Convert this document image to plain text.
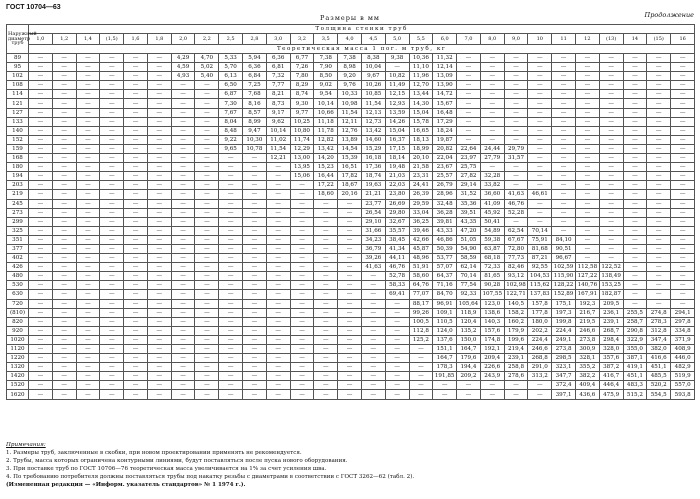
ГОСТ 10704—63
Продолжение
Размеры в мм
Наружный диаметр труб	Толщина стенки труб																											
	1,0	1,2	1,4	(1,5)	1,6	1,8	2,0	2,2	2,5	2,8	3,0	3,2	3,5	4,0	4,5	5,0	5,5	6,0	7,0	8,0	9,0	10	11	12	(13)	14	(15)	16
	Теоретическая масса 1 пог. м труб, кг																											
89	—	—	—	—	—	—	4,29	4,70	5,33	5,94	6,36	6,77	7,38	7,38	8,38	9,38	10,36	11,32	—	—	—	—	—	—	—	—	—	—
95	—	—	—	—	—	—	4,59	5,02	5,70	6,36	6,81	7,26	7,90	8,98	10,04	—	11,10	12,14	—	—	—	—	—	—	—	—	—	—
102	—	—	—	—	—	—	4,93	5,40	6,13	6,84	7,32	7,80	8,50	9,20	9,67	10,82	11,96	13,09	—	—	—	—	—	—	—	—	—	—
108	—	—	—	—	—	—	—	—	6,50	7,25	7,77	8,29	9,02	9,76	10,26	11,49	12,70	13,90	—	—	—	—	—	—	—	—	—	—
114	—	—	—	—	—	—	—	—	6,87	7,68	8,21	8,74	9,54	10,33	10,85	12,15	13,44	14,72	—	—	—	—	—	—	—	—	—	—
121	—	—	—	—	—	—	—	—	7,30	8,16	8,73	9,30	10,14	10,98	11,54	12,93	14,30	15,67	—	—	—	—	—	—	—	—	—	—
127	—	—	—	—	—	—	—	—	7,67	8,57	9,17	9,77	10,66	11,54	12,13	13,59	15,04	16,48	—	—	—	—	—	—	—	—	—	—
133	—	—	—	—	—	—	—	—	8,04	8,99	9,62	10,25	11,18	12,11	12,73	14,26	15,78	17,29	—	—	—	—	—	—	—	—	—	—
140	—	—	—	—	—	—	—	—	8,48	9,47	10,14	10,80	11,78	12,76	13,42	15,04	16,65	18,24	—	—	—	—	—	—	—	—	—	—
152	—	—	—	—	—	—	—	—	9,22	10,30	11,02	11,74	12,82	13,89	14,60	16,37	18,13	19,87	—	—	—	—	—	—	—	—	—	—
159	—	—	—	—	—	—	—	—	9,65	10,78	11,54	12,29	13,42	14,54	15,29	17,15	18,99	20,82	22,64	24,44	29,79	—	—	—	—	—	—	—
168	—	—	—	—	—	—	—	—	—	—	12,21	13,00	14,20	15,39	16,18	18,14	20,10	22,04	23,97	27,79	31,57	—	—	—	—	—	—	—
180	—	—	—	—	—	—	—	—	—	—	—	13,95	15,23	16,51	17,36	19,48	21,58	23,67	25,75	—	—	—	—	—	—	—	—	—
194	—	—	—	—	—	—	—	—	—	—	—	15,06	16,44	17,82	18,74	21,03	23,31	25,57	27,82	32,28	—	—	—	—	—	—	—	—
203	—	—	—	—	—	—	—	—	—	—	—	—	17,22	18,67	19,63	22,03	24,41	26,79	29,14	33,82	—	—	—	—	—	—	—	—
219	—	—	—	—	—	—	—	—	—	—	—	—	18,60	20,16	21,21	23,80	26,39	28,96	31,52	36,60	41,63	46,61	—	—	—	—	—	—
245	—	—	—	—	—	—	—	—	—	—	—	—	—	—	23,77	26,69	29,59	32,48	35,36	41,09	46,76	—	—	—	—	—	—	—
273	—	—	—	—	—	—	—	—	—	—	—	—	—	—	26,54	29,80	33,04	36,28	39,51	45,92	52,28	—	—	—	—	—	—	—
299	—	—	—	—	—	—	—	—	—	—	—	—	—	—	29,10	32,67	36,25	39,81	43,35	50,41	—	—	—	—	—	—	—	—
325	—	—	—	—	—	—	—	—	—	—	—	—	—	—	31,66	35,57	39,46	43,33	47,20	54,89	62,54	70,14	—	—	—	—	—	—
351	—	—	—	—	—	—	—	—	—	—	—	—	—	—	34,23	38,45	42,66	46,86	51,05	59,38	67,67	75,91	84,10	—	—	—	—	—
377	—	—	—	—	—	—	—	—	—	—	—	—	—	—	36,79	41,34	45,87	50,39	54,90	63,87	72,80	81,68	90,51	—	—	—	—	—
402	—	—	—	—	—	—	—	—	—	—	—	—	—	—	39,26	44,11	48,96	53,77	58,59	68,18	77,73	87,21	96,67	—	—	—	—	—
426	—	—	—	—	—	—	—	—	—	—	—	—	—	—	41,63	46,76	51,91	57,07	62,14	72,33	82,46	92,55	102,59	112,58	122,52	—	—	—
480	—	—	—	—	—	—	—	—	—	—	—	—	—	—	—	52,78	58,60	64,37	70,14	81,65	93,12	104,53	115,90	127,22	138,49	—	—	—
530	—	—	—	—	—	—	—	—	—	—	—	—	—	—	—	58,33	64,76	71,16	77,54	90,28	102,98	115,62	128,22	140,76	153,25	—	—	—
630	—	—	—	—	—	—	—	—	—	—	—	—	—	—	—	69,41	77,07	84,70	92,33	107,55	122,71	137,83	152,89	167,91	182,87	—	—	—
720	—	—	—	—	—	—	—	—	—	—	—	—	—	—	—	—	88,17	96,91	105,64	123,0	140,5	157,8	175,1	192,3	209,5	—	—	—
(810)	—	—	—	—	—	—	—	—	—	—	—	—	—	—	—	—	99,26	109,1	118,9	138,6	158,2	177,8	197,3	216,7	236,1	255,5	274,8	294,1
820	—	—	—	—	—	—	—	—	—	—	—	—	—	—	—	—	100,5	110,5	120,4	140,3	160,2	180,0	199,8	219,5	239,1	258,7	278,3	297,8
920	—	—	—	—	—	—	—	—	—	—	—	—	—	—	—	—	112,8	124,0	135,2	157,6	179,9	202,2	224,4	246,6	268,7	290,8	312,8	334,8
1020	—	—	—	—	—	—	—	—	—	—	—	—	—	—	—	—	125,2	137,6	150,0	174,8	199,6	224,4	249,1	273,8	298,4	322,9	347,4	371,9
1120	—	—	—	—	—	—	—	—	—	—	—	—	—	—	—	—	—	151,1	164,7	192,1	219,4	246,6	273,8	300,9	328,0	355,0	382,0	408,9
1220	—	—	—	—	—	—	—	—	—	—	—	—	—	—	—	—	—	164,7	179,6	209,4	239,1	268,8	298,5	328,1	357,6	387,1	416,6	446,0
1320	—	—	—	—	—	—	—	—	—	—	—	—	—	—	—	—	—	178,3	194,4	226,6	258,8	291,0	323,1	355,2	387,2	419,1	451,1	482,9
1420	—	—	—	—	—	—	—	—	—	—	—	—	—	—	—	—	—	191,85	209,2	243,9	278,6	313,2	347,7	382,2	416,7	451,1	485,5	519,9
1520	—	—	—	—	—	—	—	—	—	—	—	—	—	—	—	—	—	—	—	—	—	—	372,4	409,4	446,4	483,3	520,2	557,0
1620	—	—	—	—	—	—	—	—	—	—	—	—	—	—	—	—	—	—	—	—	—	—	397,1	436,6	475,9	515,2	554,5	593,8
Примечания:
1. Размеры труб, заключенные в скобки, при новом проектировании применять не рекомендуется.
2. Трубы, масса которых ограничена контурными линиями, будут поставляться после пуска нового оборудования.
3. При поставке труб по ГОСТ 10706—76 теоретическая масса увеличивается на 1% за счет усиления шва.
4. По требованию потребителя должны поставляться трубы под накатку резьбы с диаметрами в соответствии с ГОСТ 3262—62 (табл. 2).
(Измененная редакция — «Информ. указатель стандартов» № 1 1974 г.).
